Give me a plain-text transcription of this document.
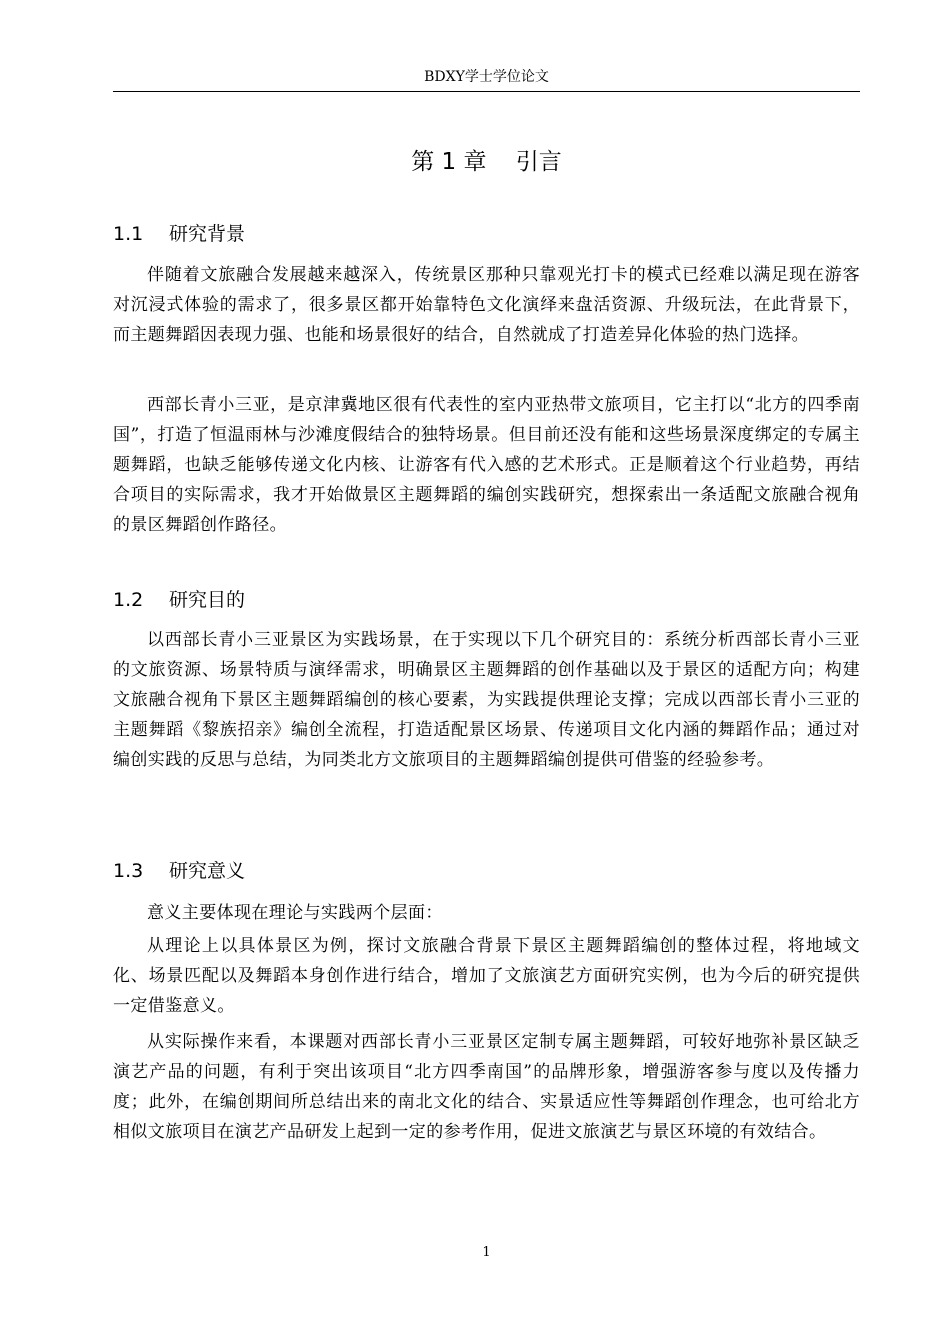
BDXY学士学位论文
第 1 章    引言
1.1 研究背景

伴随着文旅融合发展越来越深入，传统景区那种只靠观光打卡的模式已经难以满足现在游客对沉浸式体验的需求了，很多景区都开始靠特色文化演绎来盘活资源、升级玩法，在此背景下，而主题舞蹈因表现力强、也能和场景很好的结合，自然就成了打造差异化体验的热门选择。

西部长青小三亚，是京津冀地区很有代表性的室内亚热带文旅项目，它主打以“北方的四季南国”，打造了恒温雨林与沙滩度假结合的独特场景。但目前还没有能和这些场景深度绑定的专属主题舞蹈，也缺乏能够传递文化内核、让游客有代入感的艺术形式。正是顺着这个行业趋势，再结合项目的实际需求，我才开始做景区主题舞蹈的编创实践研究，想探索出一条适配文旅融合视角的景区舞蹈创作路径。

1.2 研究目的

以西部长青小三亚景区为实践场景，在于实现以下几个研究目的：系统分析西部长青小三亚的文旅资源、场景特质与演绎需求，明确景区主题舞蹈的创作基础以及于景区的适配方向；构建文旅融合视角下景区主题舞蹈编创的核心要素，为实践提供理论支撑；完成以西部长青小三亚的主题舞蹈《黎族招亲》编创全流程，打造适配景区场景、传递项目文化内涵的舞蹈作品；通过对编创实践的反思与总结，为同类北方文旅项目的主题舞蹈编创提供可借鉴的经验参考。

1.3 研究意义

意义主要体现在理论与实践两个层面：

从理论上以具体景区为例，探讨文旅融合背景下景区主题舞蹈编创的整体过程，将地域文化、场景匹配以及舞蹈本身创作进行结合，增加了文旅演艺方面研究实例，也为今后的研究提供一定借鉴意义。

从实际操作来看，本课题对西部长青小三亚景区定制专属主题舞蹈，可较好地弥补景区缺乏演艺产品的问题，有利于突出该项目“北方四季南国”的品牌形象，增强游客参与度以及传播力度；此外，在编创期间所总结出来的南北文化的结合、实景适应性等舞蹈创作理念，也可给北方相似文旅项目在演艺产品研发上起到一定的参考作用，促进文旅演艺与景区环境的有效结合。

1
